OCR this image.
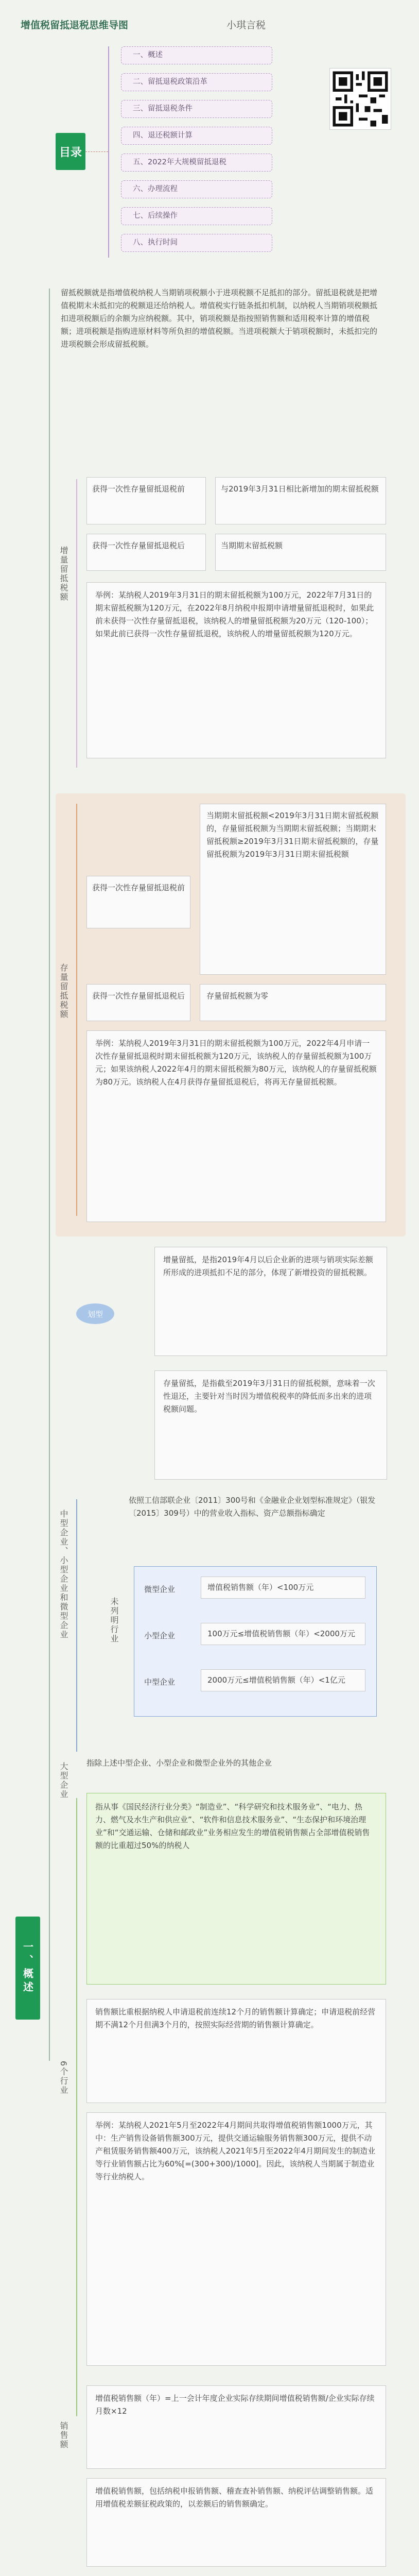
增值税留抵退税思维导图	小琪言税
目录
一、概述
二、留抵退税政策沿革
三、留抵退税条件
四、退还税额计算
五、2022年大规模留抵退税
六、办理流程
七、后续操作
八、执行时间
一、概述
留抵税额就是指增值税纳税人当期销项税额小于进项税额不足抵扣的部分。留抵退税就是把增值税期末未抵扣完的税额退还给纳税人。增值税实行链条抵扣机制，以纳税人当期销项税额抵扣进项税额后的余额为应纳税额。其中，销项税额是指按照销售额和适用税率计算的增值税额；进项税额是指购进原材料等所负担的增值税额。当进项税额大于销项税额时，未抵扣完的进项税额会形成留抵税额。
增量留抵税额
获得一次性存量留抵退税前	与2019年3月31日相比新增加的期末留抵税额
获得一次性存量留抵退税后	当期期末留抵税额
举例：某纳税人2019年3月31日的期末留抵税额为100万元，2022年7月31日的期末留抵税额为120万元，在2022年8月纳税申报期申请增量留抵退税时，如果此前未获得一次性存量留抵退税，该纳税人的增量留抵税额为20万元（120-100）；如果此前已获得一次性存量留抵退税，该纳税人的增量留抵税额为120万元。
存量留抵税额
获得一次性存量留抵退税前
当期期末留抵税额<2019年3月31日期末留抵税额的，存量留抵税额为当期期末留抵税额；当期期末留抵税额≥2019年3月31日期末留抵税额的，存量留抵税额为2019年3月31日期末留抵税额
获得一次性存量留抵退税后	存量留抵税额为零
举例：某纳税人2019年3月31日的期末留抵税额为100万元，2022年4月申请一次性存量留抵退税时期末留抵税额为120万元，该纳税人的存量留抵税额为100万元；如果该纳税人2022年4月的期末留抵税额为80万元，该纳税人的存量留抵税额为80万元。该纳税人在4月获得存量留抵退税后，将再无存量留抵税额。
划型
增量留抵，是指2019年4月以后企业新的进项与销项实际差额所形成的进项抵扣不足的部分，体现了新增投资的留抵税额。
存量留抵，是指截至2019年3月31日的留抵税额，意味着一次性退还，主要针对当时因为增值税税率的降低而多出来的进项税额问题。
中型企业、小型企业和微型企业
依照工信部联企业〔2011〕300号和《金融业企业划型标准规定》（银发〔2015〕309号）中的营业收入指标、资产总额指标确定
未列明行业
微型企业	增值税销售额（年）<100万元
小型企业	100万元≤增值税销售额（年）<2000万元
中型企业	2000万元≤增值税销售额（年）<1亿元
大型企业 指除上述中型企业、小型企业和微型企业外的其他企业
6个行业
指从事《国民经济行业分类》“制造业”、“科学研究和技术服务业”、“电力、热力、燃气及水生产和供应业”、“软件和信息技术服务业”、“生态保护和环境治理业”和“交通运输、仓储和邮政业”业务相应发生的增值税销售额占全部增值税销售额的比重超过50%的纳税人
销售额比重根据纳税人申请退税前连续12个月的销售额计算确定；申请退税前经营期不满12个月但满3个月的，按照实际经营期的销售额计算确定。
举例：某纳税人2021年5月至2022年4月期间共取得增值税销售额1000万元，其中：生产销售设备销售额300万元，提供交通运输服务销售额300万元，提供不动产租赁服务销售额400万元，该纳税人2021年5月至2022年4月期间发生的制造业等行业销售额占比为60%[=(300+300)/1000]。因此，该纳税人当期属于制造业等行业纳税人。
销售额
增值税销售额（年）=上一会计年度企业实际存续期间增值税销售额/企业实际存续月数×12
增值税销售额，包括纳税申报销售额、稽查查补销售额、纳税评估调整销售额。适用增值税差额征税政策的，以差额后的销售额确定。
